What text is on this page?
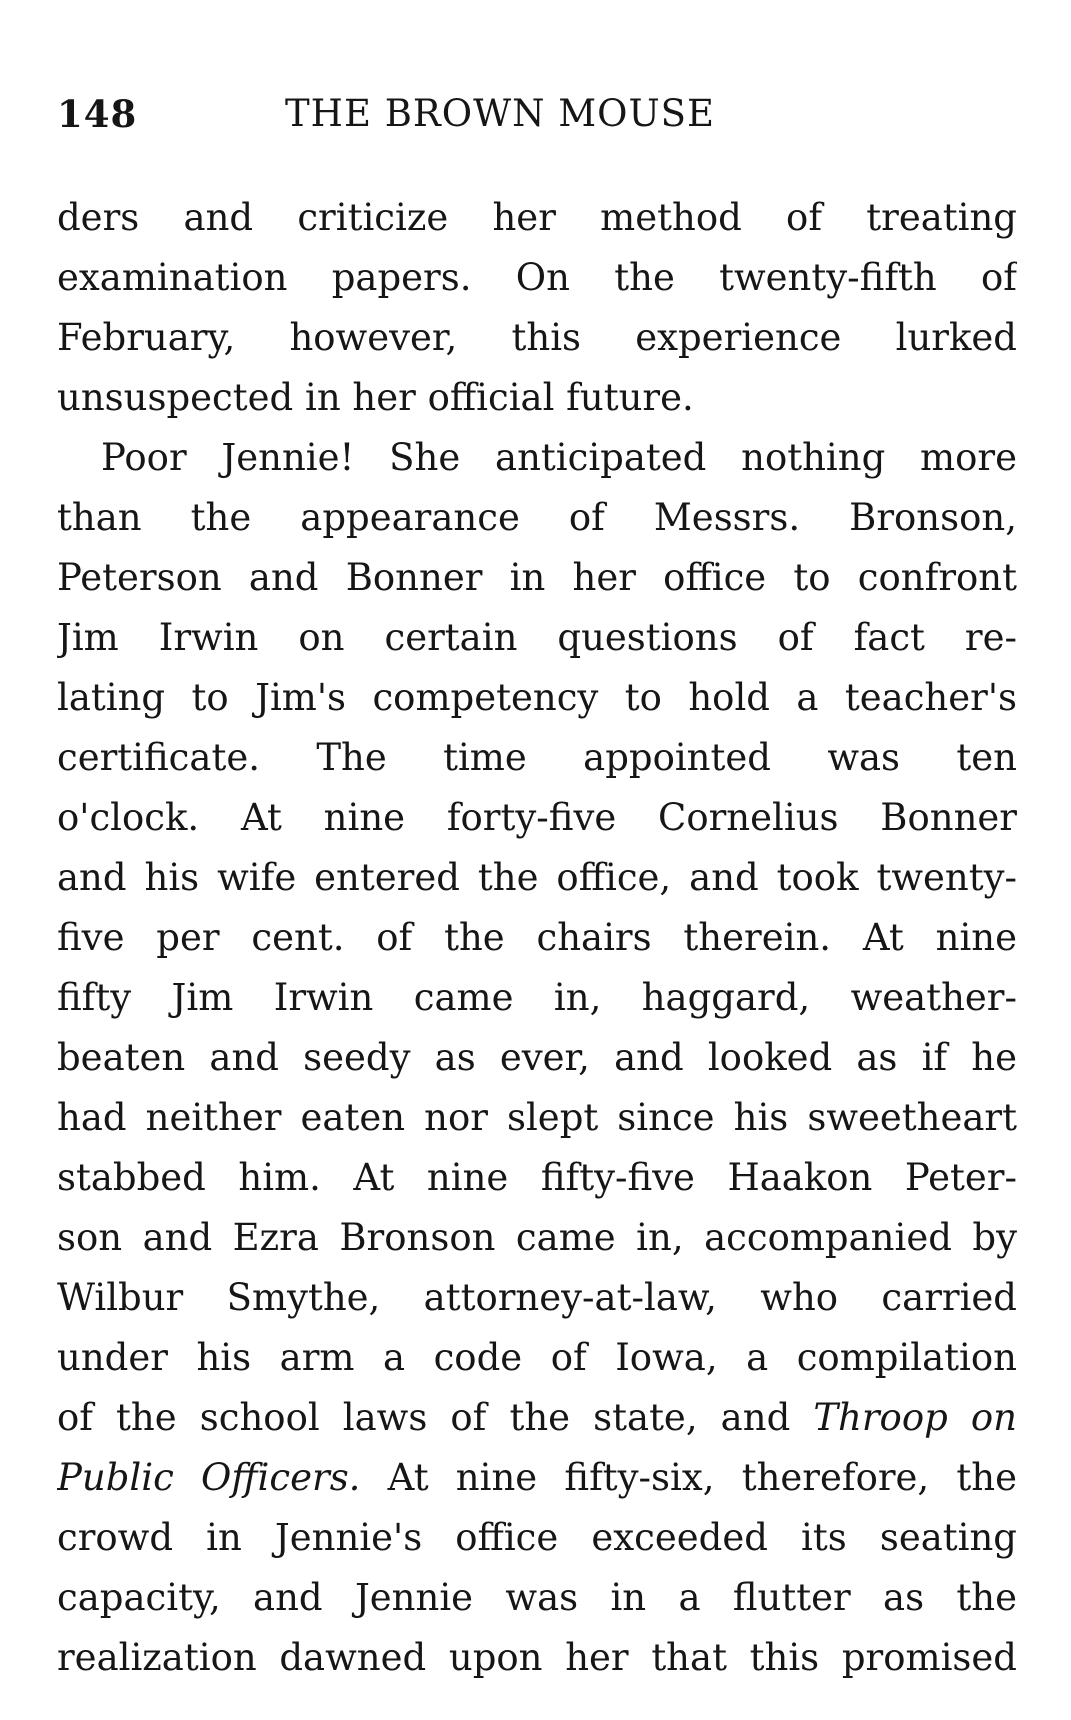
148	THE BROWN MOUSE
ders and criticize her method of treating
examination papers. On the twenty-fifth of
February, however, this experience lurked
unsuspected in her official future.
Poor Jennie! She anticipated nothing more
than the appearance of Messrs. Bronson,
Peterson and Bonner in her office to confront
Jim Irwin on certain questions of fact re-
lating to Jim's competency to hold a teacher's
certificate. The time appointed was ten
o'clock. At nine forty-five Cornelius Bonner
and his wife entered the office, and took twenty-
five per cent. of the chairs therein. At nine
fifty Jim Irwin came in, haggard, weather-
beaten and seedy as ever, and looked as if he
had neither eaten nor slept since his sweetheart
stabbed him. At nine fifty-five Haakon Peter-
son and Ezra Bronson came in, accompanied by
Wilbur Smythe, attorney-at-law, who carried
under his arm a code of Iowa, a compilation
of the school laws of the state, and Throop on
Public Officers. At nine fifty-six, therefore, the
crowd in Jennie's office exceeded its seating
capacity, and Jennie was in a flutter as the
realization dawned upon her that this promised
